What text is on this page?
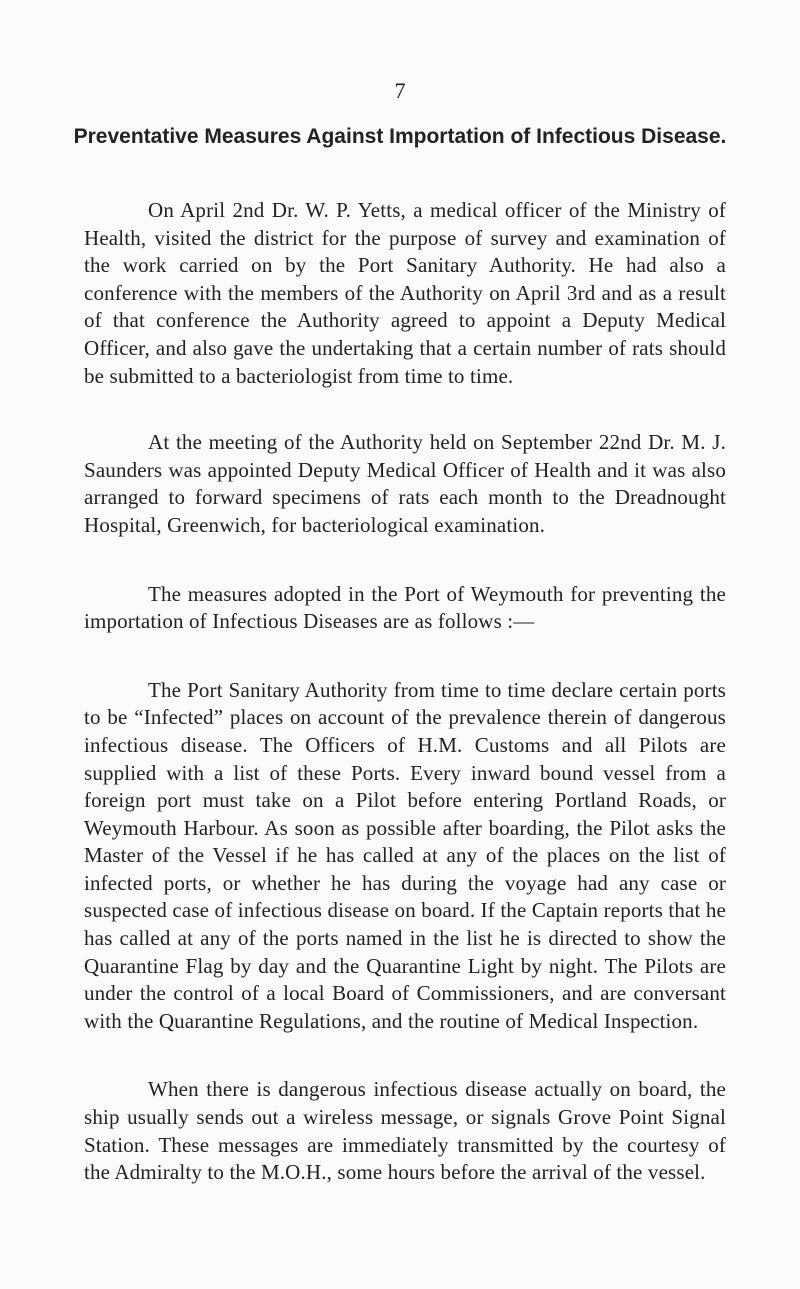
7
Preventative Measures Against Importation of Infectious Disease.

On April 2nd Dr. W. P. Yetts, a medical officer of the Ministry of Health, visited the district for the purpose of survey and examination of the work carried on by the Port Sanitary Authority. He had also a conference with the members of the Authority on April 3rd and as a result of that conference the Authority agreed to appoint a Deputy Medical Officer, and also gave the undertaking that a certain number of rats should be submitted to a bacteriologist from time to time.

At the meeting of the Authority held on September 22nd Dr. M. J. Saunders was appointed Deputy Medical Officer of Health and it was also arranged to forward specimens of rats each month to the Dreadnought Hospital, Greenwich, for bacteriological examination.

The measures adopted in the Port of Weymouth for preventing the importation of Infectious Diseases are as follows :—

The Port Sanitary Authority from time to time declare certain ports to be “Infected” places on account of the prevalence therein of dangerous infectious disease. The Officers of H.M. Customs and all Pilots are supplied with a list of these Ports. Every inward bound vessel from a foreign port must take on a Pilot before entering Portland Roads, or Weymouth Harbour. As soon as possible after boarding, the Pilot asks the Master of the Vessel if he has called at any of the places on the list of infected ports, or whether he has during the voyage had any case or suspected case of infectious disease on board. If the Captain reports that he has called at any of the ports named in the list he is directed to show the Quarantine Flag by day and the Quarantine Light by night. The Pilots are under the control of a local Board of Commissioners, and are conversant with the Quarantine Regulations, and the routine of Medical Inspection.

When there is dangerous infectious disease actually on board, the ship usually sends out a wireless message, or signals Grove Point Signal Station. These messages are immediately transmitted by the courtesy of the Admiralty to the M.O.H., some hours before the arrival of the vessel.
